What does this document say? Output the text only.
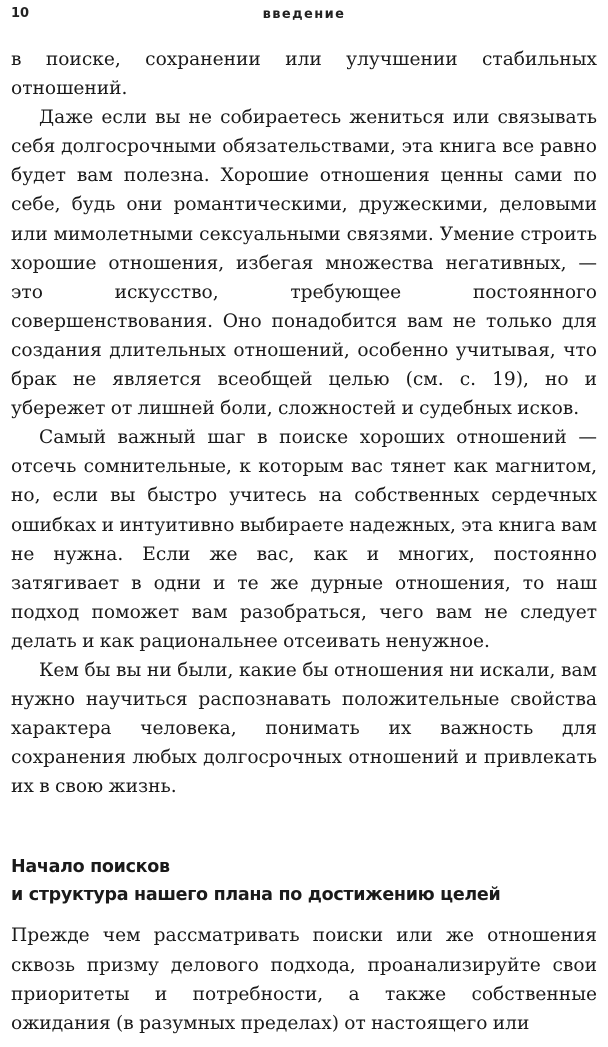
10	введение

в поиске, сохранении или улучшении стабильных отношений.

Даже если вы не собираетесь жениться или связывать себя долгосрочными обязательствами, эта книга все равно будет вам полезна. Хорошие отношения ценны сами по себе, будь они романтическими, дружескими, деловыми или мимолетными сексуальными связями. Умение строить хорошие отношения, избегая множества негативных, — это искусство, требующее постоянного совершенствования. Оно понадобится вам не только для создания длительных отношений, особенно учитывая, что брак не является всеобщей целью (см. с. 19), но и убережет от лишней боли, сложностей и судебных исков.

Самый важный шаг в поиске хороших отношений — отсечь сомнительные, к которым вас тянет как магнитом, но, если вы быстро учитесь на собственных сердечных ошибках и интуитивно выбираете надежных, эта книга вам не нужна. Если же вас, как и многих, постоянно затягивает в одни и те же дурные отношения, то наш подход поможет вам разобраться, чего вам не следует делать и как рациональнее отсеивать ненужное.

Кем бы вы ни были, какие бы отношения ни искали, вам нужно научиться распознавать положительные свойства характера человека, понимать их важность для сохранения любых долгосрочных отношений и привлекать их в свою жизнь.

Начало поисков
и структура нашего плана по достижению целей

Прежде чем рассматривать поиски или же отношения сквозь призму делового подхода, проанализируйте свои приоритеты и потребности, а также собственные ожидания (в разумных пределах) от настоящего или
